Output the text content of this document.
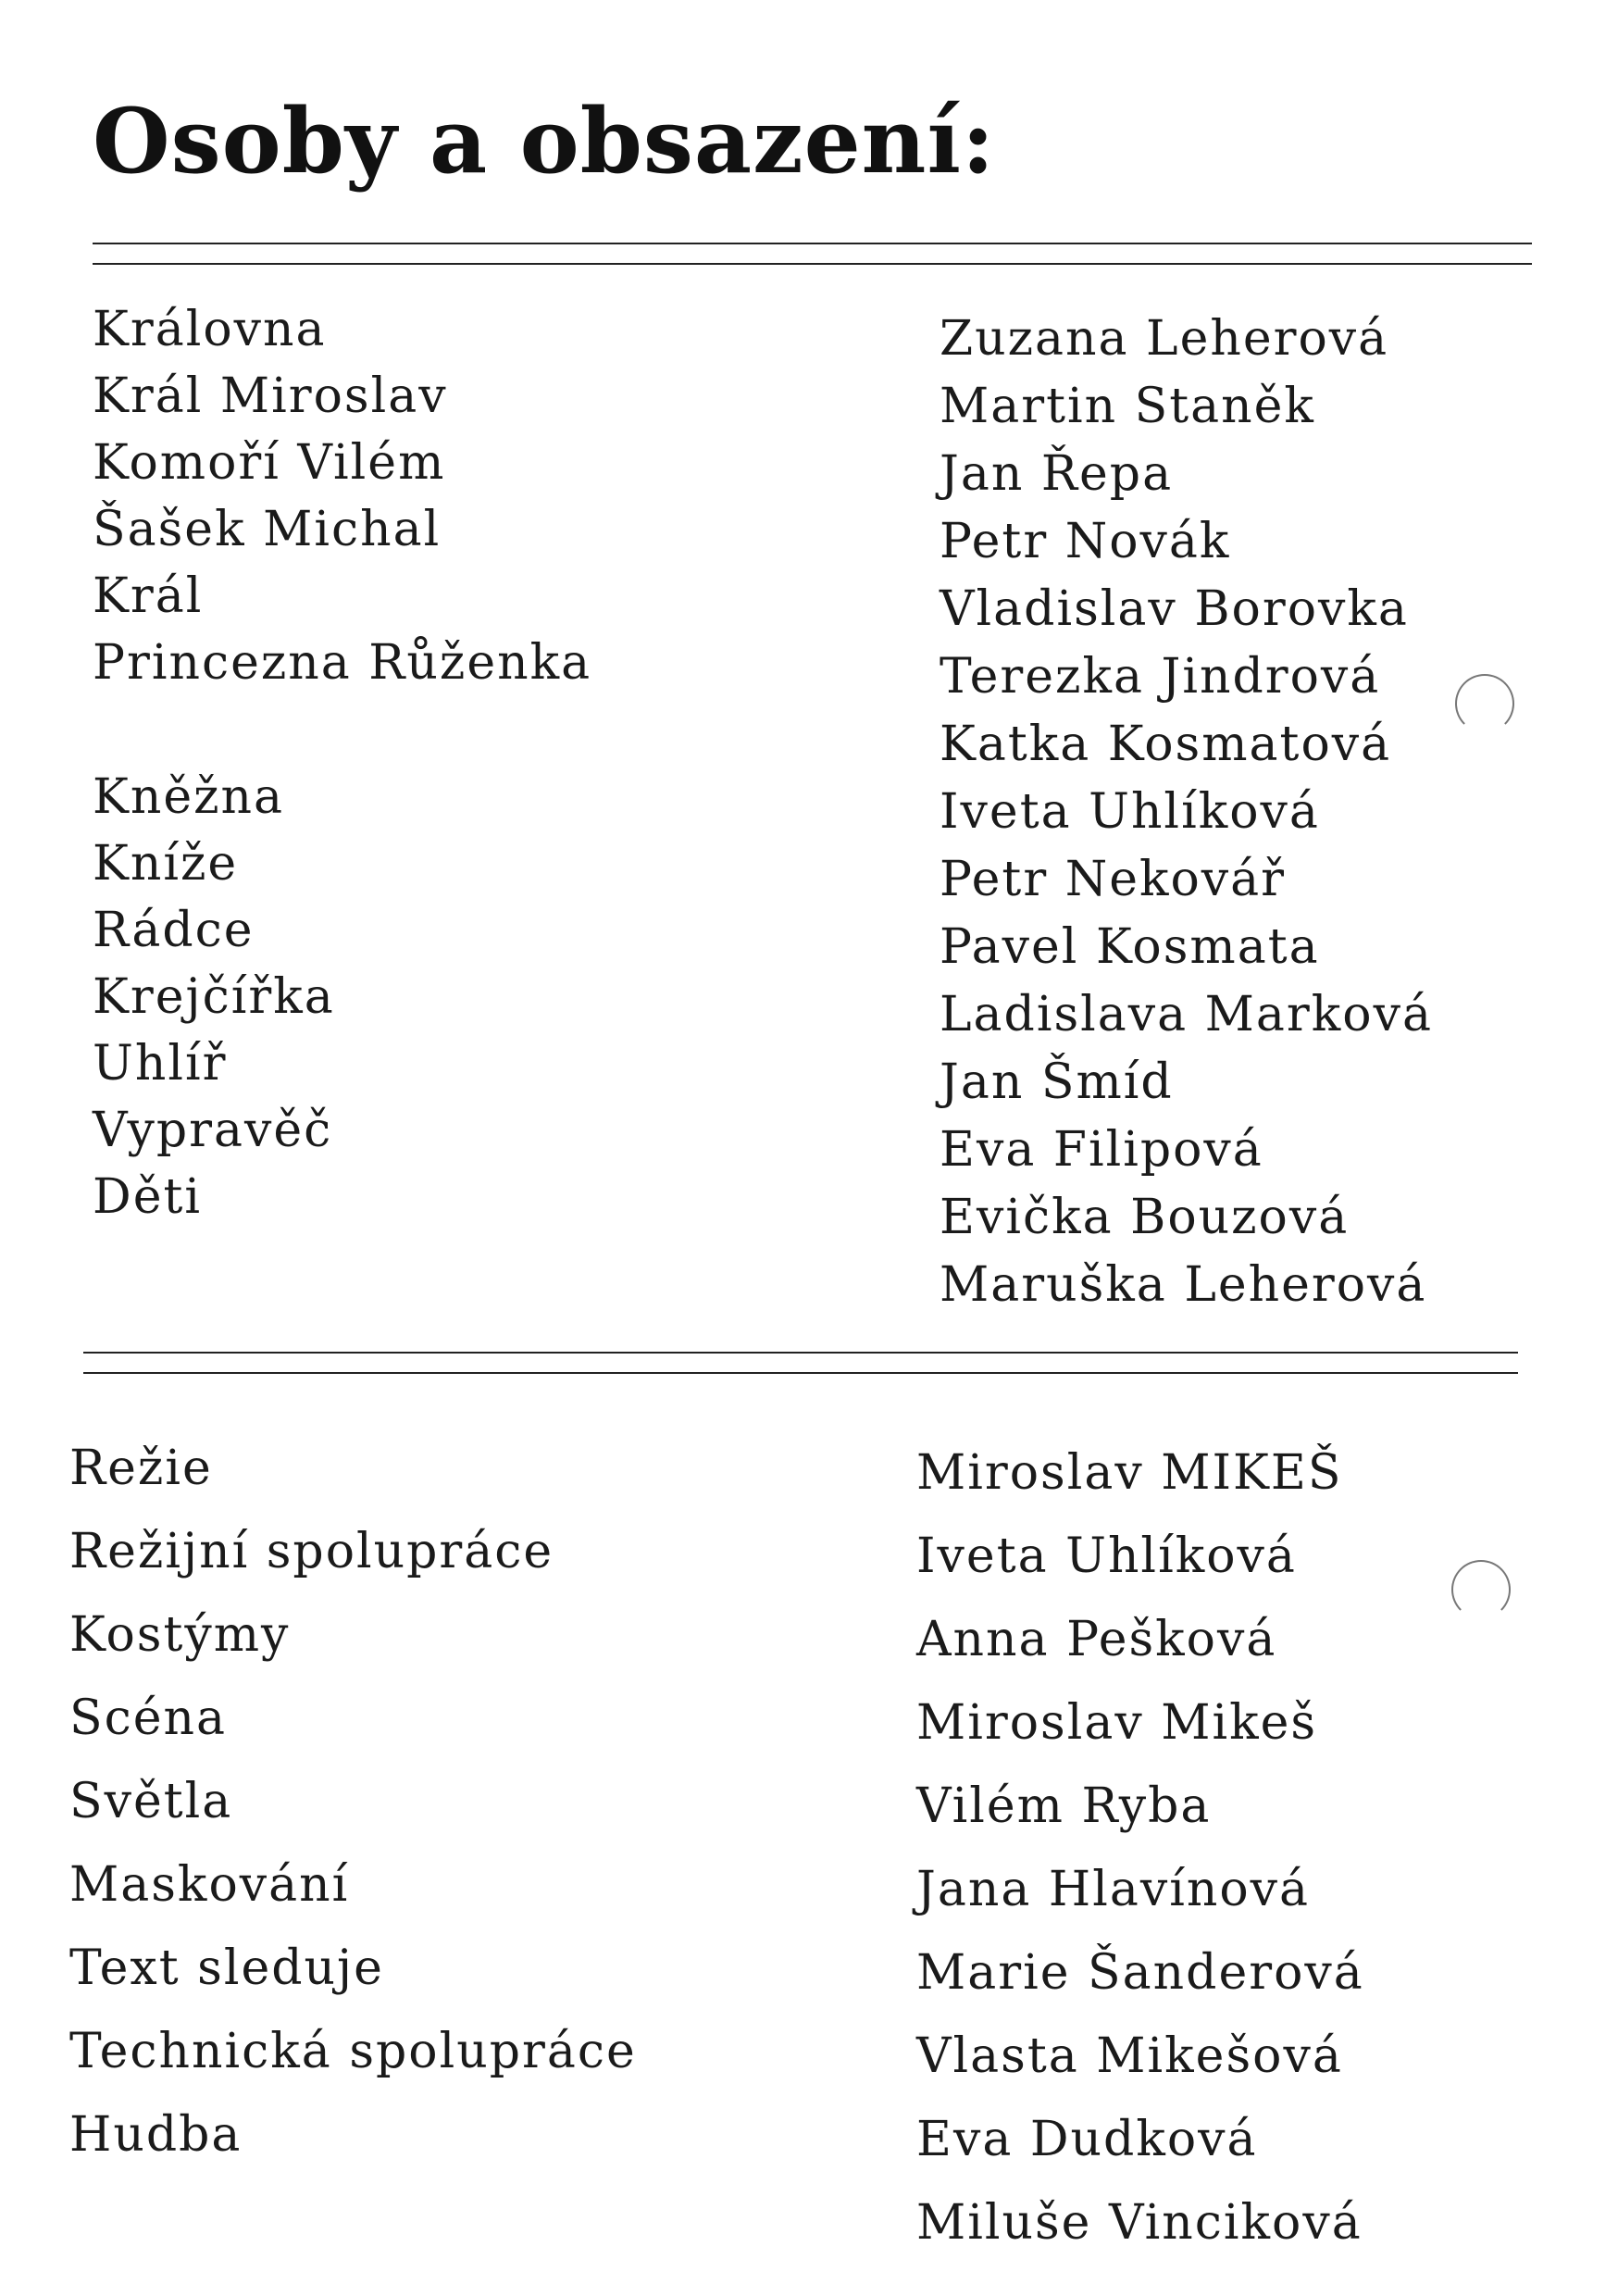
Osoby a obsazení:
Královna
Král Miroslav
Komoří Vilém
Šašek Michal
Král
Princezna Růženka
Kněžna
Kníže
Rádce
Krejčířka
Uhlíř
Vypravěč
Děti
Zuzana Leherová
Martin Staněk
Jan Řepa
Petr Novák
Vladislav Borovka
Terezka Jindrová
Katka Kosmatová
Iveta Uhlíková
Petr Nekovář
Pavel Kosmata
Ladislava Marková
Jan Šmíd
Eva Filipová
Evička Bouzová
Maruška Leherová
Režie
Režijní spolupráce
Kostýmy
Scéna
Světla
Maskování
Text sleduje
Technická spolupráce
Hudba
Miroslav MIKEŠ
Iveta Uhlíková
Anna Pešková
Miroslav Mikeš
Vilém Ryba
Jana Hlavínová
Marie Šanderová
Vlasta Mikešová
Eva Dudková
Miluše Vinciková
